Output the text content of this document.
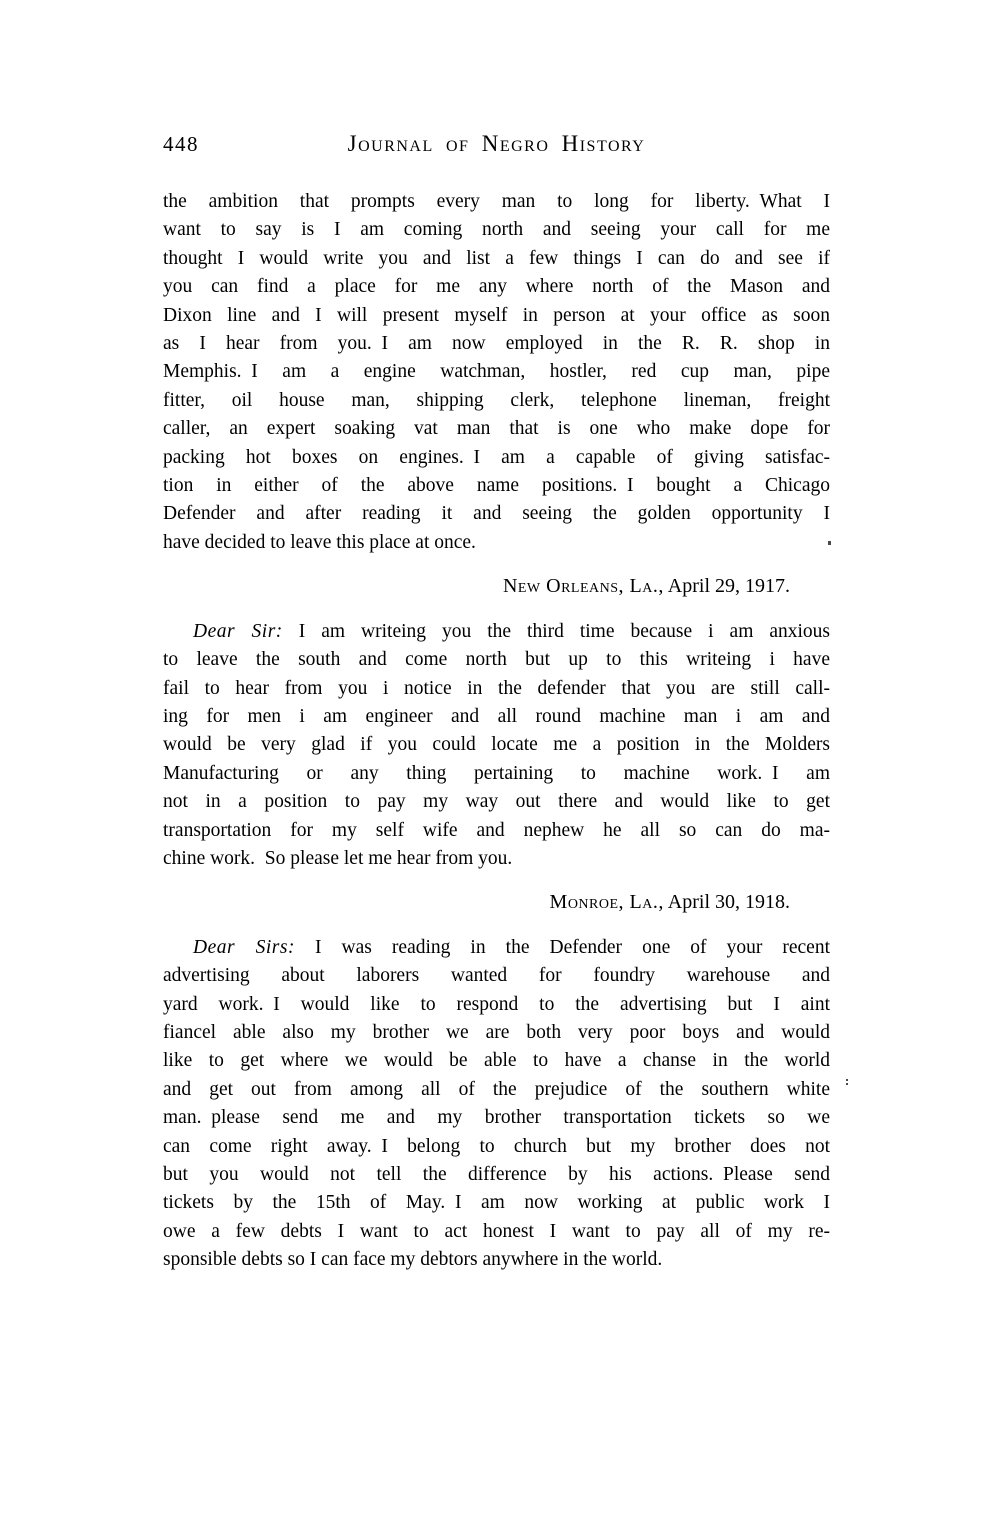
448	Journal of Negro History
the ambition that prompts every man to long for liberty. What I
want to say is I am coming north and seeing your call for me
thought I would write you and list a few things I can do and see if
you can find a place for me any where north of the Mason and
Dixon line and I will present myself in person at your office as soon
as I hear from you. I am now employed in the R. R. shop in
Memphis. I am a engine watchman, hostler, red cup man, pipe
fitter, oil house man, shipping clerk, telephone lineman, freight
caller, an expert soaking vat man that is one who make dope for
packing hot boxes on engines. I am a capable of giving satisfac-
tion in either of the above name positions. I bought a Chicago
Defender and after reading it and seeing the golden opportunity I
have decided to leave this place at once.
New Orleans, La., April 29, 1917.
Dear Sir: I am writeing you the third time because i am anxious
to leave the south and come north but up to this writeing i have
fail to hear from you i notice in the defender that you are still call-
ing for men i am engineer and all round machine man i am and
would be very glad if you could locate me a position in the Molders
Manufacturing or any thing pertaining to machine work. I am
not in a position to pay my way out there and would like to get
transportation for my self wife and nephew he all so can do ma-
chine work. So please let me hear from you.
Monroe, La., April 30, 1918.
Dear Sirs: I was reading in the Defender one of your recent
advertising about laborers wanted for foundry warehouse and
yard work. I would like to respond to the advertising but I aint
fiancel able also my brother we are both very poor boys and would
like to get where we would be able to have a chanse in the world
and get out from among all of the prejudice of the southern white
man. please send me and my brother transportation tickets so we
can come right away. I belong to church but my brother does not
but you would not tell the difference by his actions. Please send
tickets by the 15th of May. I am now working at public work I
owe a few debts I want to act honest I want to pay all of my re-
sponsible debts so I can face my debtors anywhere in the world.
